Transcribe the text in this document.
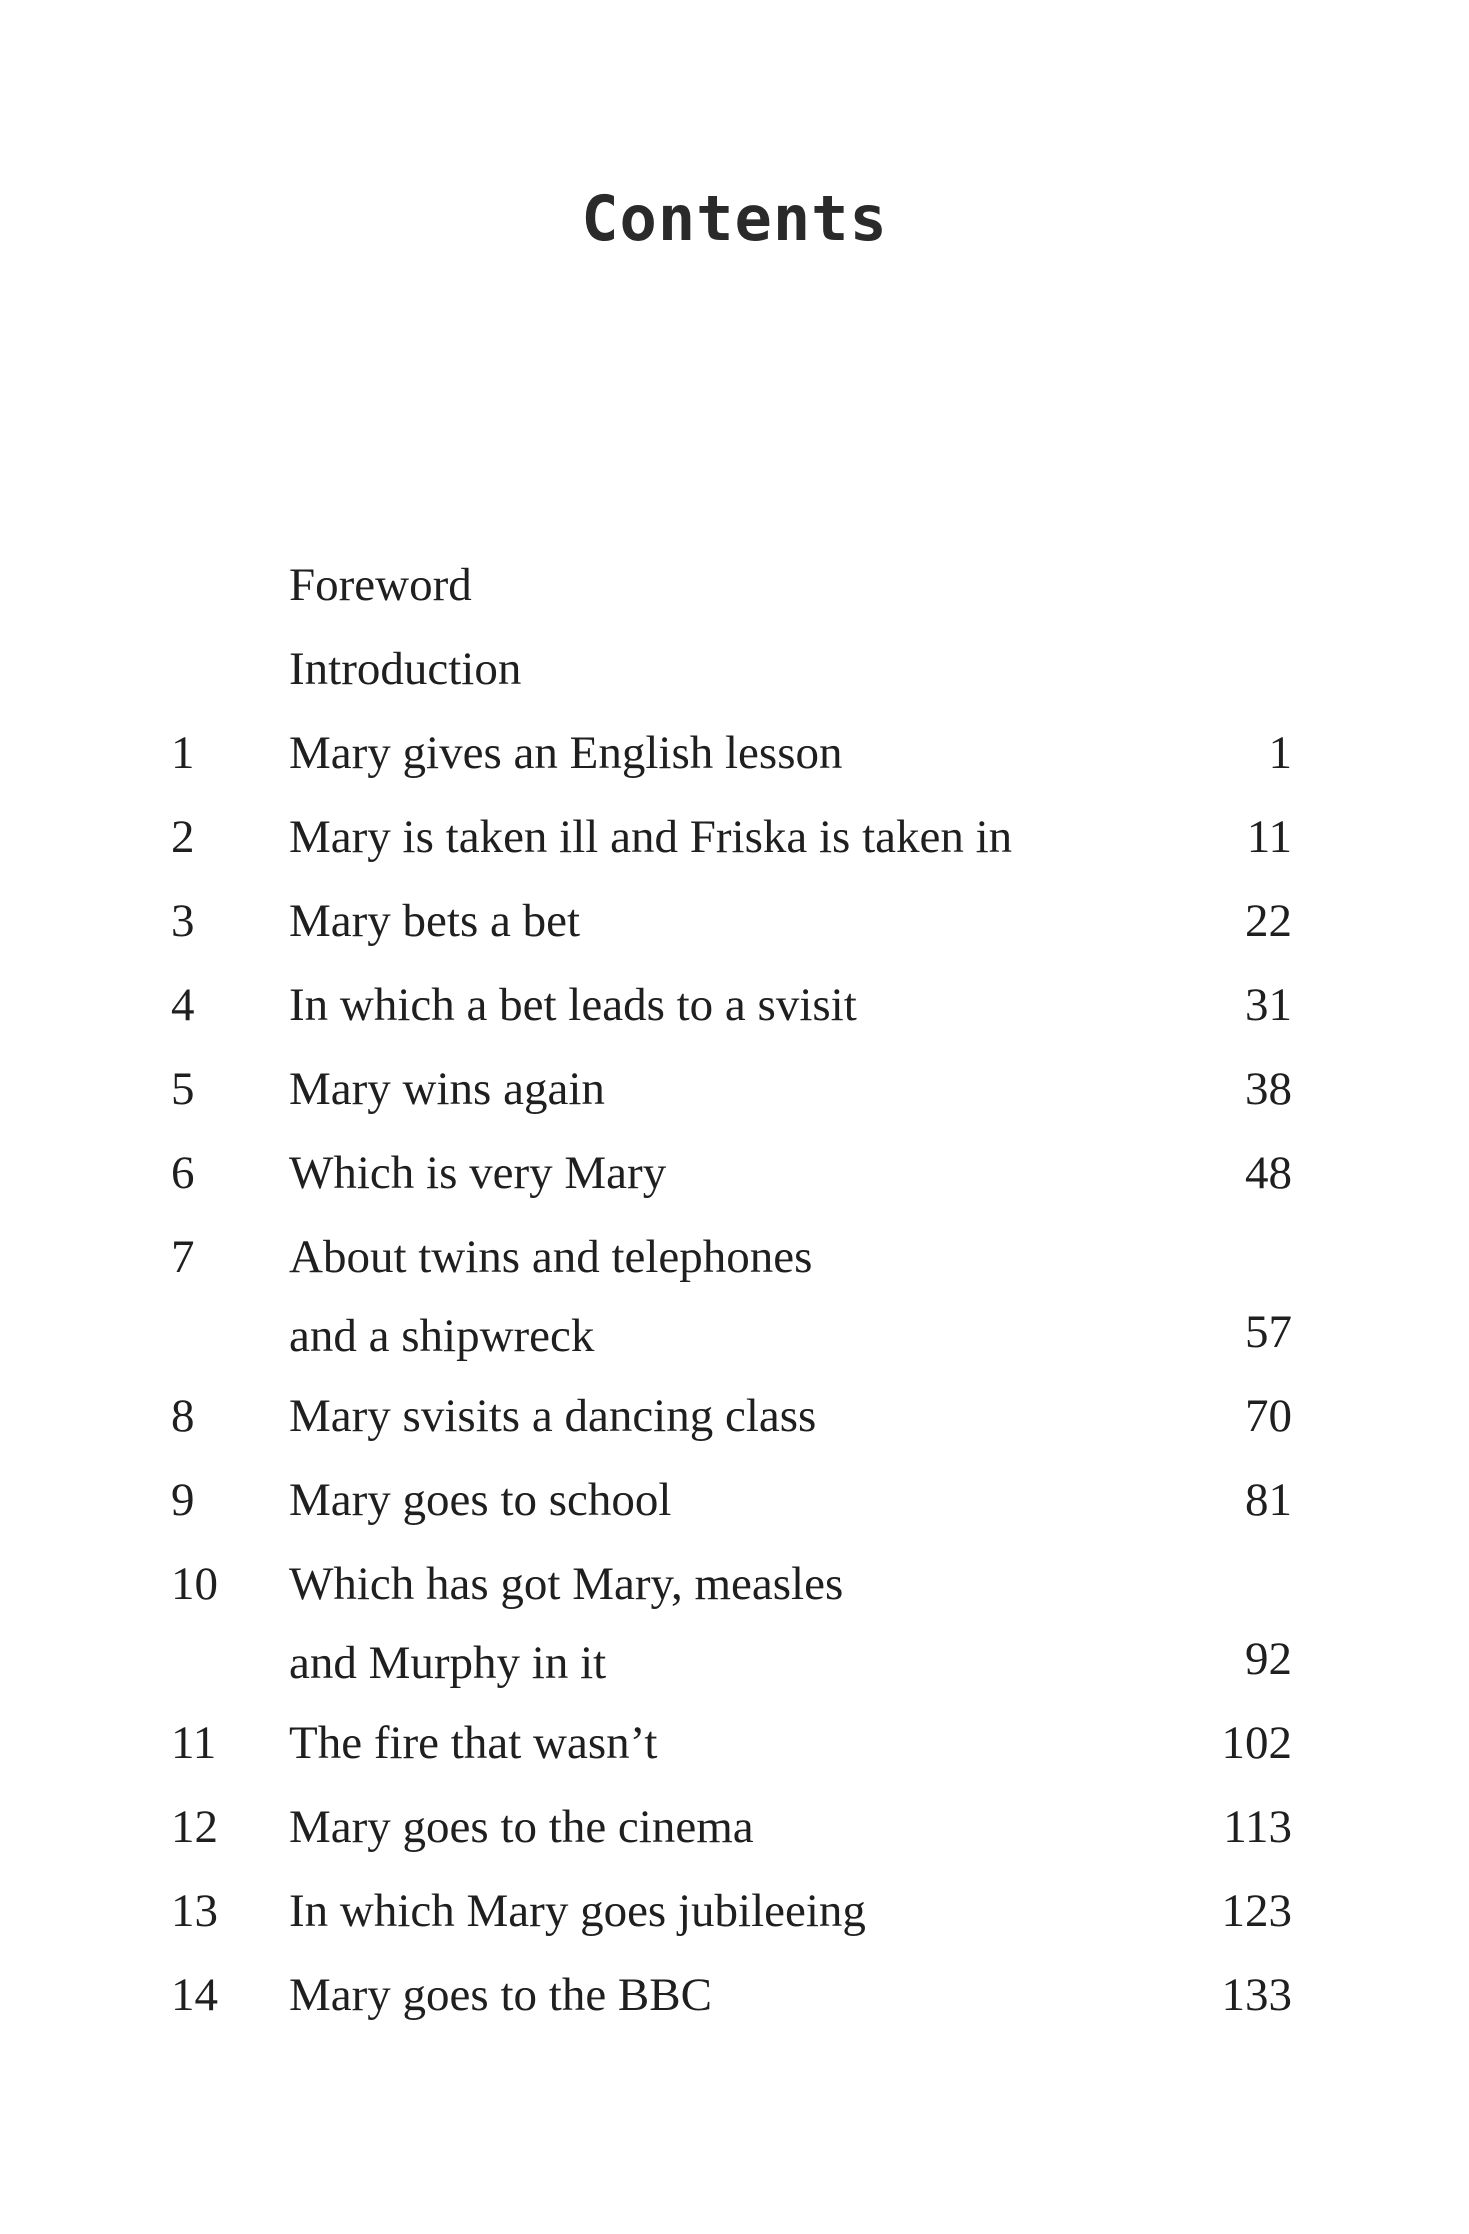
Contents
Foreword
Introduction
1 Mary gives an English lesson	1
2 Mary is taken ill and Friska is taken in	11
3 Mary bets a bet	22
4 In which a bet leads to a svisit	31
5 Mary wins again	38
6 Which is very Mary	48
7 About twins and telephones
and a shipwreck	57
8 Mary svisits a dancing class	70
9 Mary goes to school	81
10 Which has got Mary, measles
and Murphy in it	92
11 The fire that wasn’t	102
12 Mary goes to the cinema	113
13 In which Mary goes jubileeing	123
14 Mary goes to the BBC	133
